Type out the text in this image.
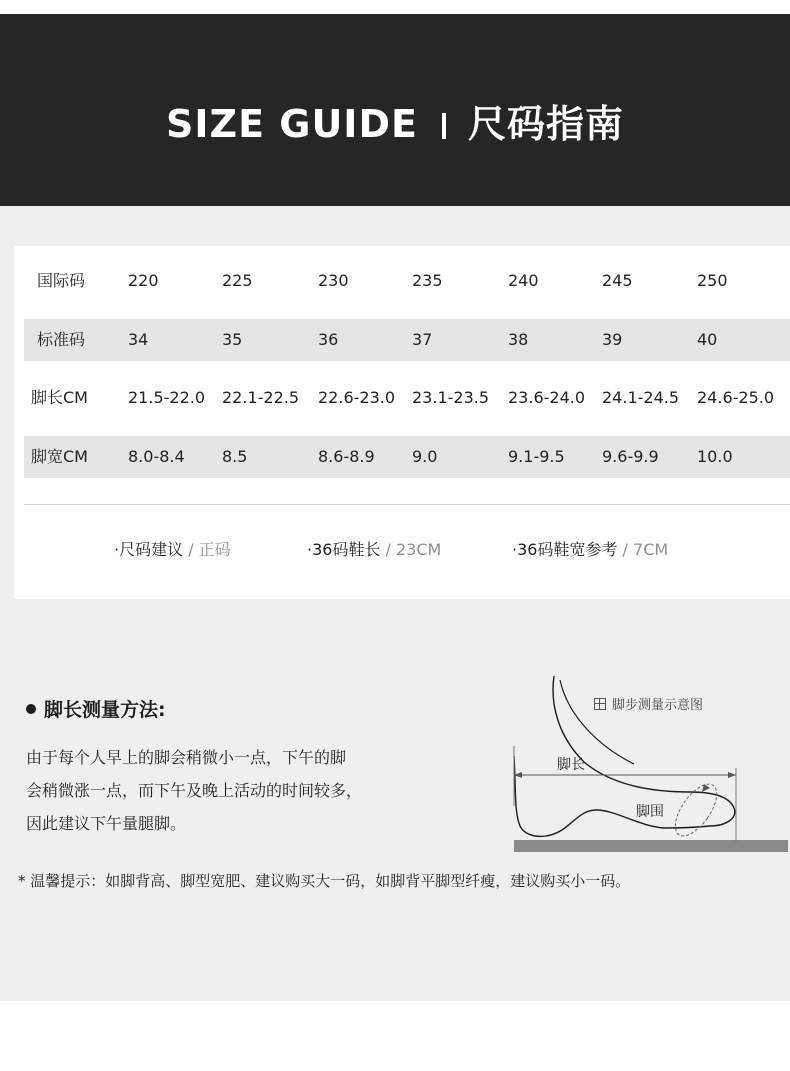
SIZE GUIDE 尺码指南
国际码	220	225	230	235	240	245	250
标准码	34	35	36	37	38	39	40
脚长CM	21.5-22.0 22.1-22.5 22.6-23.0 23.1-23.5 23.6-24.0 24.1-24.5 24.6-25.0
脚宽CM	8.0-8.4 8.5	8.6-8.9 9.0	9.1-9.5 9.6-9.9 10.0
·尺码建议 / 正码	·36码鞋长 / 23CM	·36码鞋宽参考 / 7CM
脚长测量方法:
由于每个人早上的脚会稍微小一点，下午的脚
会稍微涨一点，而下午及晚上活动的时间较多，
因此建议下午量腿脚。
脚步测量示意图
脚长
脚围
* 温馨提示：如脚背高、脚型宽肥、建议购买大一码，如脚背平脚型纤瘦，建议购买小一码。
